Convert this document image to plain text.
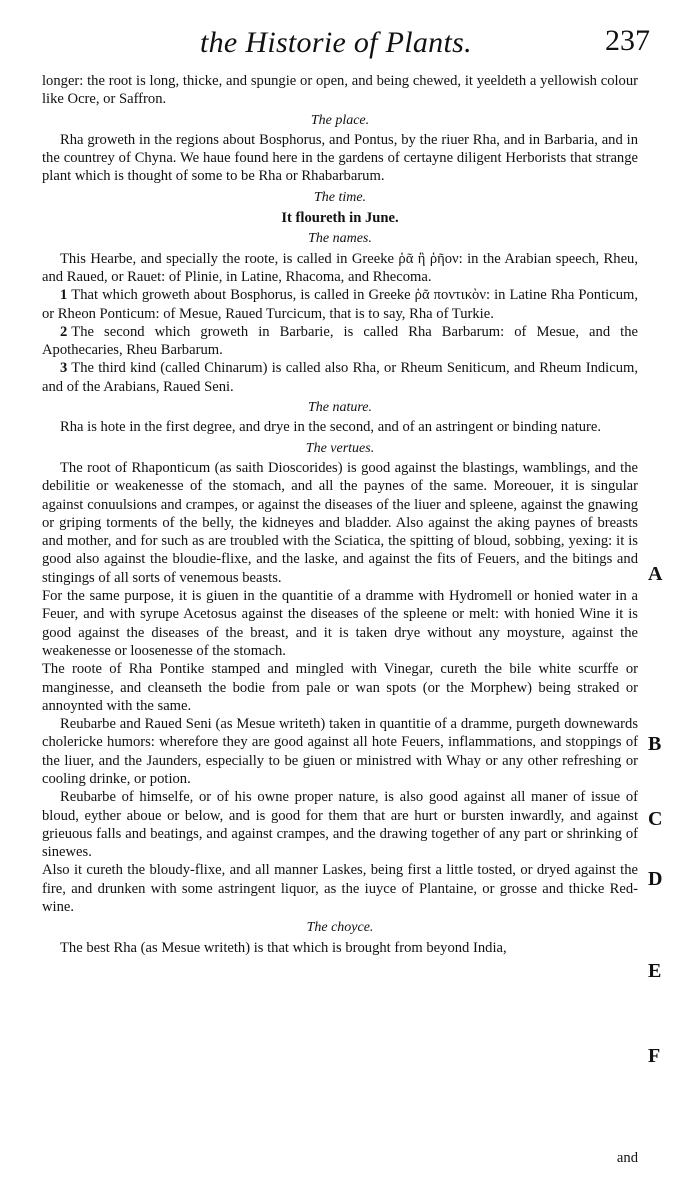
the Historie of Plants.	237

longer: the root is long, thicke, and spungie or open, and being chewed, it yeeldeth a yellowish colour like Ocre, or Saffron.

The place.

Rha groweth in the regions about Bosphorus, and Pontus, by the riuer Rha, and in Barbaria, and in the countrey of Chyna. We haue found here in the gardens of certayne diligent Herborists that strange plant which is thought of some to be Rha or Rhabarbarum.

The time.

It floureth in June.

The names.

This Hearbe, and specially the roote, is called in Greeke ῥᾶ ἢ ῥῆον: in the Arabian speech, Rheu, and Raued, or Rauet: of Plinie, in Latine, Rhacoma, and Rhecoma.

1 That which groweth about Bosphorus, is called in Greeke ῥᾶ ποντικὸν: in Latine Rha Ponticum, or Rheon Ponticum: of Mesue, Raued Turcicum, that is to say, Rha of Turkie.

2 The second which groweth in Barbarie, is called Rha Barbarum: of Mesue, and the Apothecaries, Rheu Barbarum.

3 The third kind (called Chinarum) is called also Rha, or Rheum Seniticum, and Rheum Indicum, and of the Arabians, Raued Seni.

The nature.

Rha is hote in the first degree, and drye in the second, and of an astringent or binding nature.

The vertues.

The root of Rhaponticum (as saith Dioscorides) is good against the blastings, wamblings, and the debilitie or weakenesse of the stomach, and all the paynes of the same. Moreouer, it is singular against conuulsions and crampes, or against the diseases of the liuer and spleene, against the gnawing or griping torments of the belly, the kidneyes and bladder. Also against the aking paynes of breasts and mother, and for such as are troubled with the Sciatica, the spitting of bloud, sobbing, yexing: it is good also against the bloudie-flixe, and the laske, and against the fits of Feuers, and the bitings and stingings of all sorts of venemous beasts.

For the same purpose, it is giuen in the quantitie of a dramme with Hydromell or honied water in a Feuer, and with syrupe Acetosus against the diseases of the spleene or melt: with honied Wine it is good against the diseases of the breast, and it is taken drye without any moysture, against the weakenesse or loosenesse of the stomach.

The roote of Rha Pontike stamped and mingled with Vinegar, cureth the bile white scurffe or manginesse, and cleanseth the bodie from pale or wan spots (or the Morphew) being straked or annoynted with the same.

Reubarbe and Raued Seni (as Mesue writeth) taken in quantitie of a dramme, purgeth downewards cholericke humors: wherefore they are good against all hote Feuers, inflammations, and stoppings of the liuer, and the Jaunders, especially to be giuen or ministred with Whay or any other refreshing or cooling drinke, or potion.

Reubarbe of himselfe, or of his owne proper nature, is also good against all maner of issue of bloud, eyther aboue or below, and is good for them that are hurt or bursten inwardly, and against grieuous falls and beatings, and against crampes, and the drawing together of any part or shrinking of sinewes.

Also it cureth the bloudy-flixe, and all manner Laskes, being first a little tosted, or dryed against the fire, and drunken with some astringent liquor, as the iuyce of Plantaine, or grosse and thicke Red-wine.

The choyce.

The best Rha (as Mesue writeth) is that which is brought from beyond India,

A
B
C
D
E
F
and
